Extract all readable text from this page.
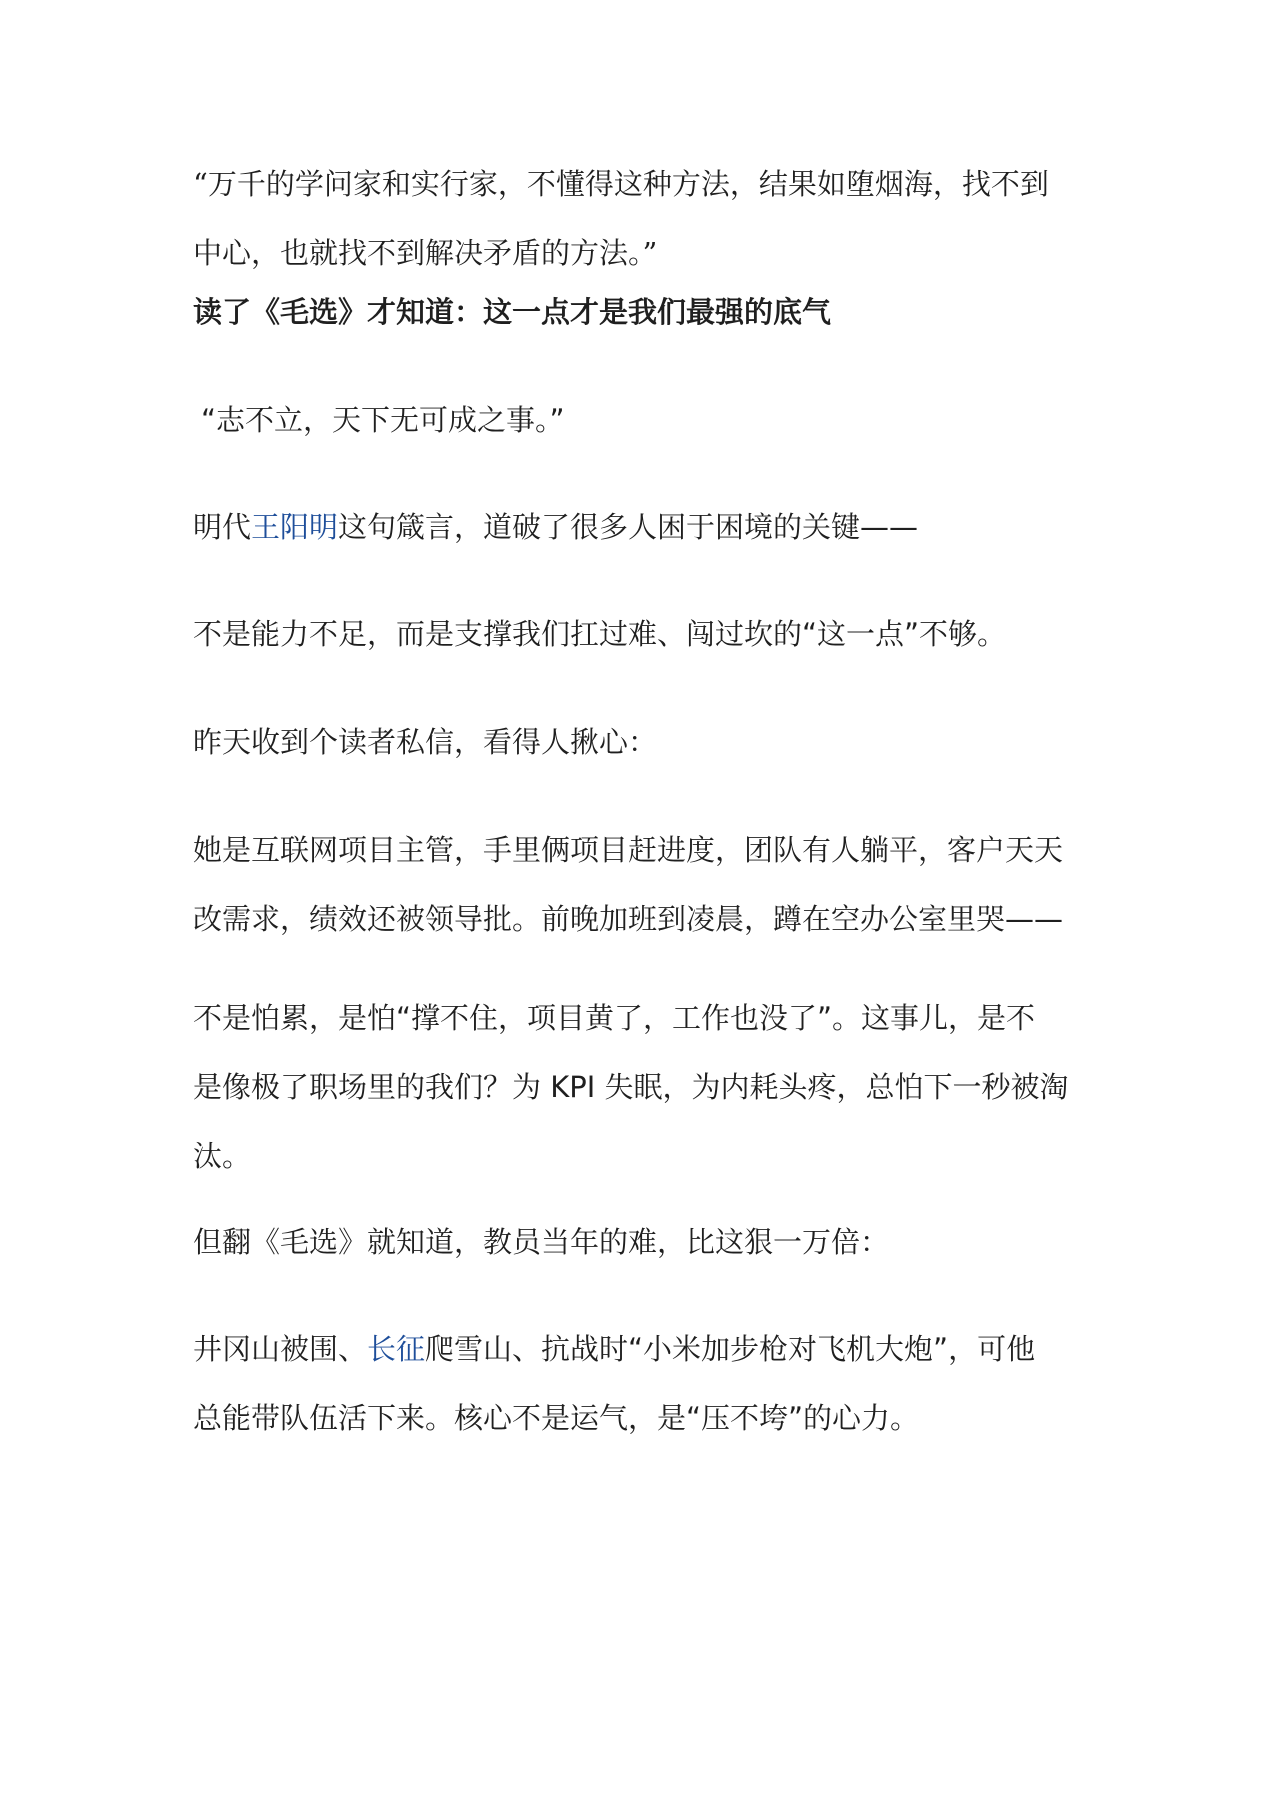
“万千的学问家和实行家，不懂得这种方法，结果如堕烟海，找不到
中心，也就找不到解决矛盾的方法。”

读了《毛选》才知道：这一点才是我们最强的底气

“志不立，天下无可成之事。”

明代王阳明这句箴言，道破了很多人困于困境的关键——

不是能力不足，而是支撑我们扛过难、闯过坎的“这一点”不够。

昨天收到个读者私信，看得人揪心：

她是互联网项目主管，手里俩项目赶进度，团队有人躺平，客户天天
改需求，绩效还被领导批。前晚加班到凌晨，蹲在空办公室里哭——

不是怕累，是怕“撑不住，项目黄了，工作也没了”。这事儿，是不
是像极了职场里的我们？为 KPI 失眠，为内耗头疼，总怕下一秒被淘
汰。

但翻《毛选》就知道，教员当年的难，比这狠一万倍：

井冈山被围、长征爬雪山、抗战时“小米加步枪对飞机大炮”，可他
总能带队伍活下来。核心不是运气，是“压不垮”的心力。
